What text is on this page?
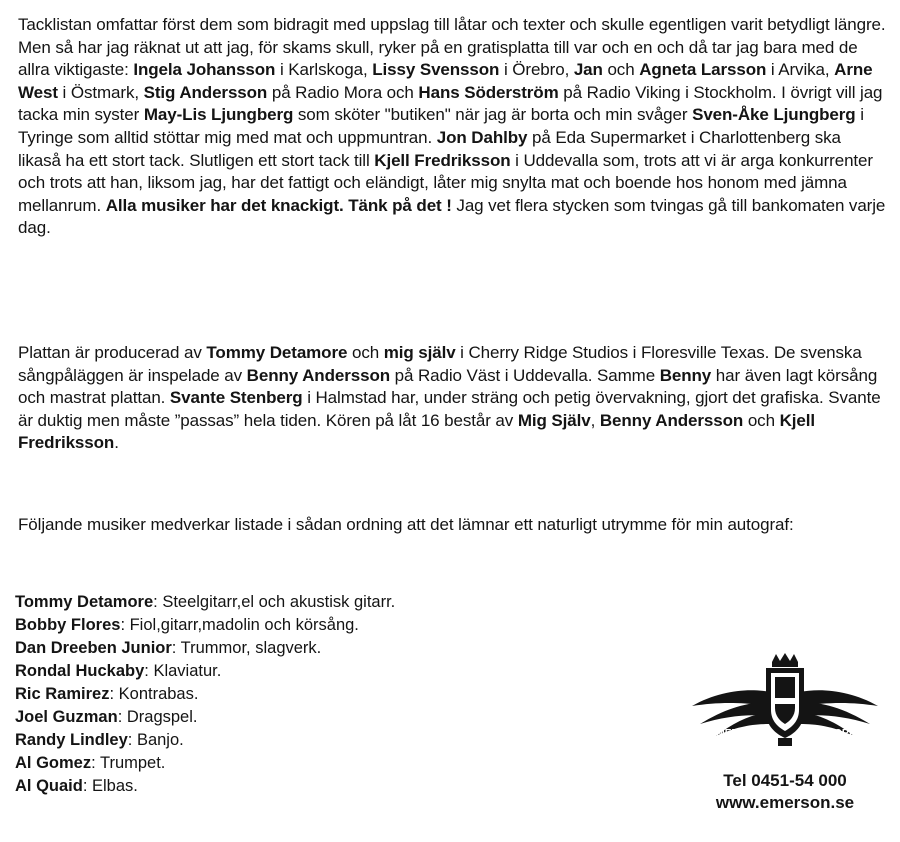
Tacklistan omfattar först dem som bidragit med uppslag till låtar och texter och skulle egentligen varit betydligt längre. Men så har jag räknat ut att jag, för skams skull, ryker på en gratisplatta till var och en och då tar jag bara med de allra viktigaste: Ingela Johansson i Karlskoga, Lissy Svensson i Örebro, Jan och Agneta Larsson i Arvika, Arne West i Östmark, Stig Andersson på Radio Mora och Hans Söderström på Radio Viking i Stockholm. I övrigt vill jag tacka min syster May-Lis Ljungberg som sköter "butiken" när jag är borta och min svåger Sven-Åke Ljungberg i Tyringe som alltid stöttar mig med mat och uppmuntran. Jon Dahlby på Eda Supermarket i Charlottenberg ska likaså ha ett stort tack. Slutligen ett stort tack till Kjell Fredriksson i Uddevalla som, trots att vi är arga konkurrenter och trots att han, liksom jag, har det fattigt och eländigt, låter mig snylta mat och boende hos honom med jämna mellanrum. Alla musiker har det knackigt. Tänk på det ! Jag vet flera stycken som tvingas gå till bankomaten varje dag.
Plattan är producerad av Tommy Detamore och mig själv i Cherry Ridge Studios i Floresville Texas. De svenska sångpåläggen är inspelade av Benny Andersson på Radio Väst i Uddevalla. Samme Benny har även lagt körsång och mastrat plattan. Svante Stenberg i Halmstad har, under sträng och petig övervakning, gjort det grafiska. Svante är duktig men måste ”passas” hela tiden. Kören på låt 16 består av Mig Själv, Benny Andersson och Kjell Fredriksson.
Följande musiker medverkar listade i sådan ordning att det lämnar ett naturligt utrymme för min autograf:
Tommy Detamore: Steelgitarr,el och akustisk gitarr.
Bobby Flores: Fiol,gitarr,madolin och körsång.
Dan Dreeben Junior: Trummor, slagverk.
Rondal Huckaby: Klaviatur.
Ric Ramirez: Kontrabas.
Joel Guzman: Dragspel.
Randy Lindley: Banjo.
Al Gomez: Trumpet.
Al Quaid: Elbas.
EMERSON	RECORDS
Tel 0451-54 000
www.emerson.se
